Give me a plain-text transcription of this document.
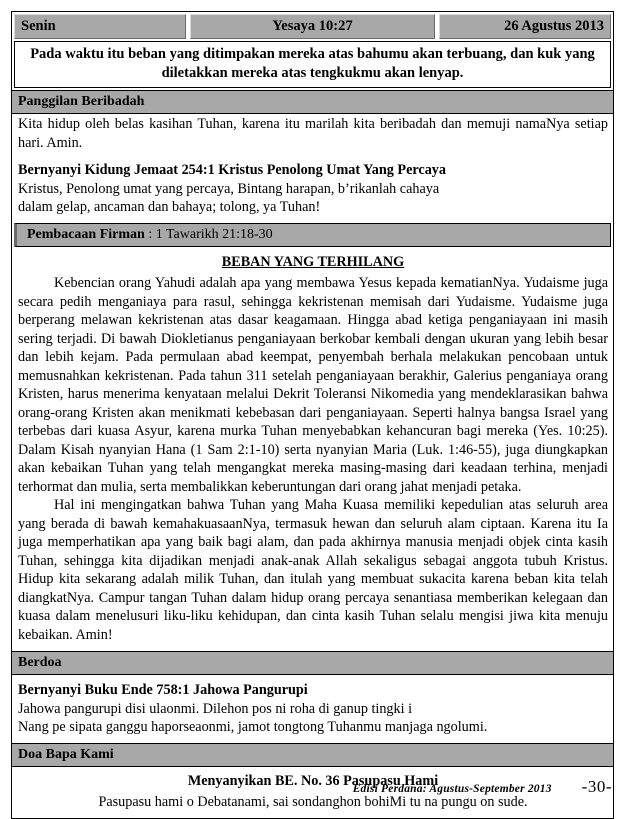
Senin	Yesaya 10:27	26 Agustus 2013
Pada waktu itu beban yang ditimpakan mereka atas bahumu akan terbuang, dan kuk yang diletakkan mereka atas tengkukmu akan lenyap.
Panggilan Beribadah

Kita hidup oleh belas kasihan Tuhan, karena itu marilah kita beribadah dan memuji namaNya setiap hari. Amin.

Bernyanyi Kidung Jemaat 254:1 Kristus Penolong Umat Yang Percaya
Kristus, Penolong umat yang percaya, Bintang harapan, b’rikanlah cahaya
dalam gelap, ancaman dan bahaya; tolong, ya Tuhan!
Pembacaan Firman : 1 Tawarikh 21:18-30
BEBAN YANG TERHILANG

Kebencian orang Yahudi adalah apa yang membawa Yesus kepada kematianNya. Yudaisme juga secara pedih menganiaya para rasul, sehingga kekristenan memisah dari Yudaisme. Yudaisme juga berperang melawan kekristenan atas dasar keagamaan. Hingga abad ketiga penganiayaan ini masih sering terjadi. Di bawah Diokletianus penganiayaan berkobar kembali dengan ukuran yang lebih besar dan lebih kejam. Pada permulaan abad keempat, penyembah berhala melakukan pencobaan untuk memusnahkan kekristenan. Pada tahun 311 setelah penganiayaan berakhir, Galerius penganiaya orang Kristen, harus menerima kenyataan melalui Dekrit Toleransi Nikomedia yang mendeklarasikan bahwa orang-orang Kristen akan menikmati kebebasan dari penganiayaan. Seperti halnya bangsa Israel yang terbebas dari kuasa Asyur, karena murka Tuhan menyebabkan kehancuran bagi mereka (Yes. 10:25). Dalam Kisah nyanyian Hana (1 Sam 2:1-10) serta nyanyian Maria (Luk. 1:46-55), juga diungkapkan akan kebaikan Tuhan yang telah mengangkat mereka masing-masing dari keadaan terhina, menjadi terhormat dan mulia, serta membalikkan keberuntungan dari orang jahat menjadi petaka.

Hal ini mengingatkan bahwa Tuhan yang Maha Kuasa memiliki kepedulian atas seluruh area yang berada di bawah kemahakuasaanNya, termasuk hewan dan seluruh alam ciptaan. Karena itu Ia juga memperhatikan apa yang baik bagi alam, dan pada akhirnya manusia menjadi objek cinta kasih Tuhan, sehingga kita dijadikan menjadi anak-anak Allah sekaligus sebagai anggota tubuh Kristus. Hidup kita sekarang adalah milik Tuhan, dan itulah yang membuat sukacita karena beban kita telah diangkatNya. Campur tangan Tuhan dalam hidup orang percaya senantiasa memberikan kelegaan dan kuasa dalam menelusuri liku-liku kehidupan, dan cinta kasih Tuhan selalu mengisi jiwa kita menuju kebaikan. Amin!

Berdoa
Bernyanyi Buku Ende 758:1 Jahowa Pangurupi
Jahowa pangurupi disi ulaonmi. Dilehon pos ni roha di ganup tingki i
Nang pe sipata ganggu haporseaonmi, jamot tongtong Tuhanmu manjaga ngolumi.
Doa Bapa Kami
Menyanyikan BE. No. 36 Pasupasu Hami
Pasupasu hami o Debatanami, sai sondanghon bohiMi tu na pungu on sude.
Edisi Perdana: Agustus-September 2013 -30-
